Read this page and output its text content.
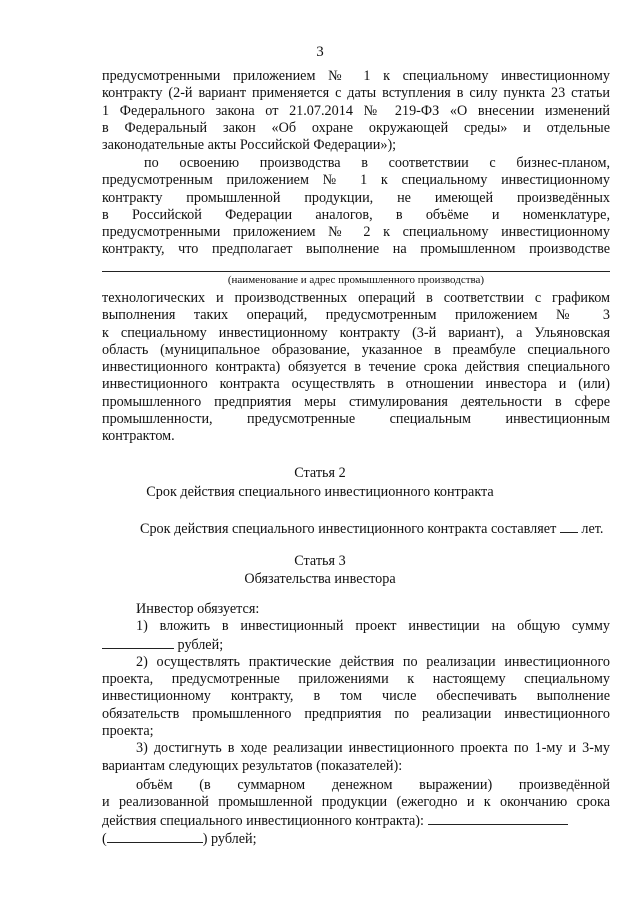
3

предусмотренными приложением № 1 к специальному инвестиционному

контракту (2-й вариант применяется с даты вступления в силу пункта 23 статьи

1 Федерального закона от 21.07.2014 № 219-ФЗ «О внесении изменений

в Федеральный закон «Об охране окружающей среды» и отдельные

законодательные акты Российской Федерации»);

по освоению производства в соответствии с бизнес-планом,

предусмотренным приложением № 1 к специальному инвестиционному

контракту промышленной продукции, не имеющей произведённых

в Российской Федерации аналогов, в объёме и номенклатуре,

предусмотренными приложением № 2 к специальному инвестиционному

контракту, что предполагает выполнение на промышленном производстве

(наименование и адрес промышленного производства)

технологических и производственных операций в соответствии с графиком

выполнения таких операций, предусмотренным приложением № 3

к специальному инвестиционному контракту (3-й вариант), а Ульяновская

область (муниципальное образование, указанное в преамбуле специального

инвестиционного контракта) обязуется в течение срока действия специального

инвестиционного контракта осуществлять в отношении инвестора и (или)

промышленного предприятия меры стимулирования деятельности в сфере

промышленности, предусмотренные специальным инвестиционным

контрактом.

Статья 2

Срок действия специального инвестиционного контракта

Срок действия специального инвестиционного контракта составляет лет.

Статья 3

Обязательства инвестора

Инвестор обязуется:

1) вложить в инвестиционный проект инвестиции на общую сумму

рублей;

2) осуществлять практические действия по реализации инвестиционного

проекта, предусмотренные приложениями к настоящему специальному

инвестиционному контракту, в том числе обеспечивать выполнение

обязательств промышленного предприятия по реализации инвестиционного

проекта;

3) достигнуть в ходе реализации инвестиционного проекта по 1-му и 3-му

вариантам следующих результатов (показателей):

объём (в суммарном денежном выражении) произведённой

и реализованной промышленной продукции (ежегодно и к окончанию срока

действия специального инвестиционного контракта):

(	) рублей;
